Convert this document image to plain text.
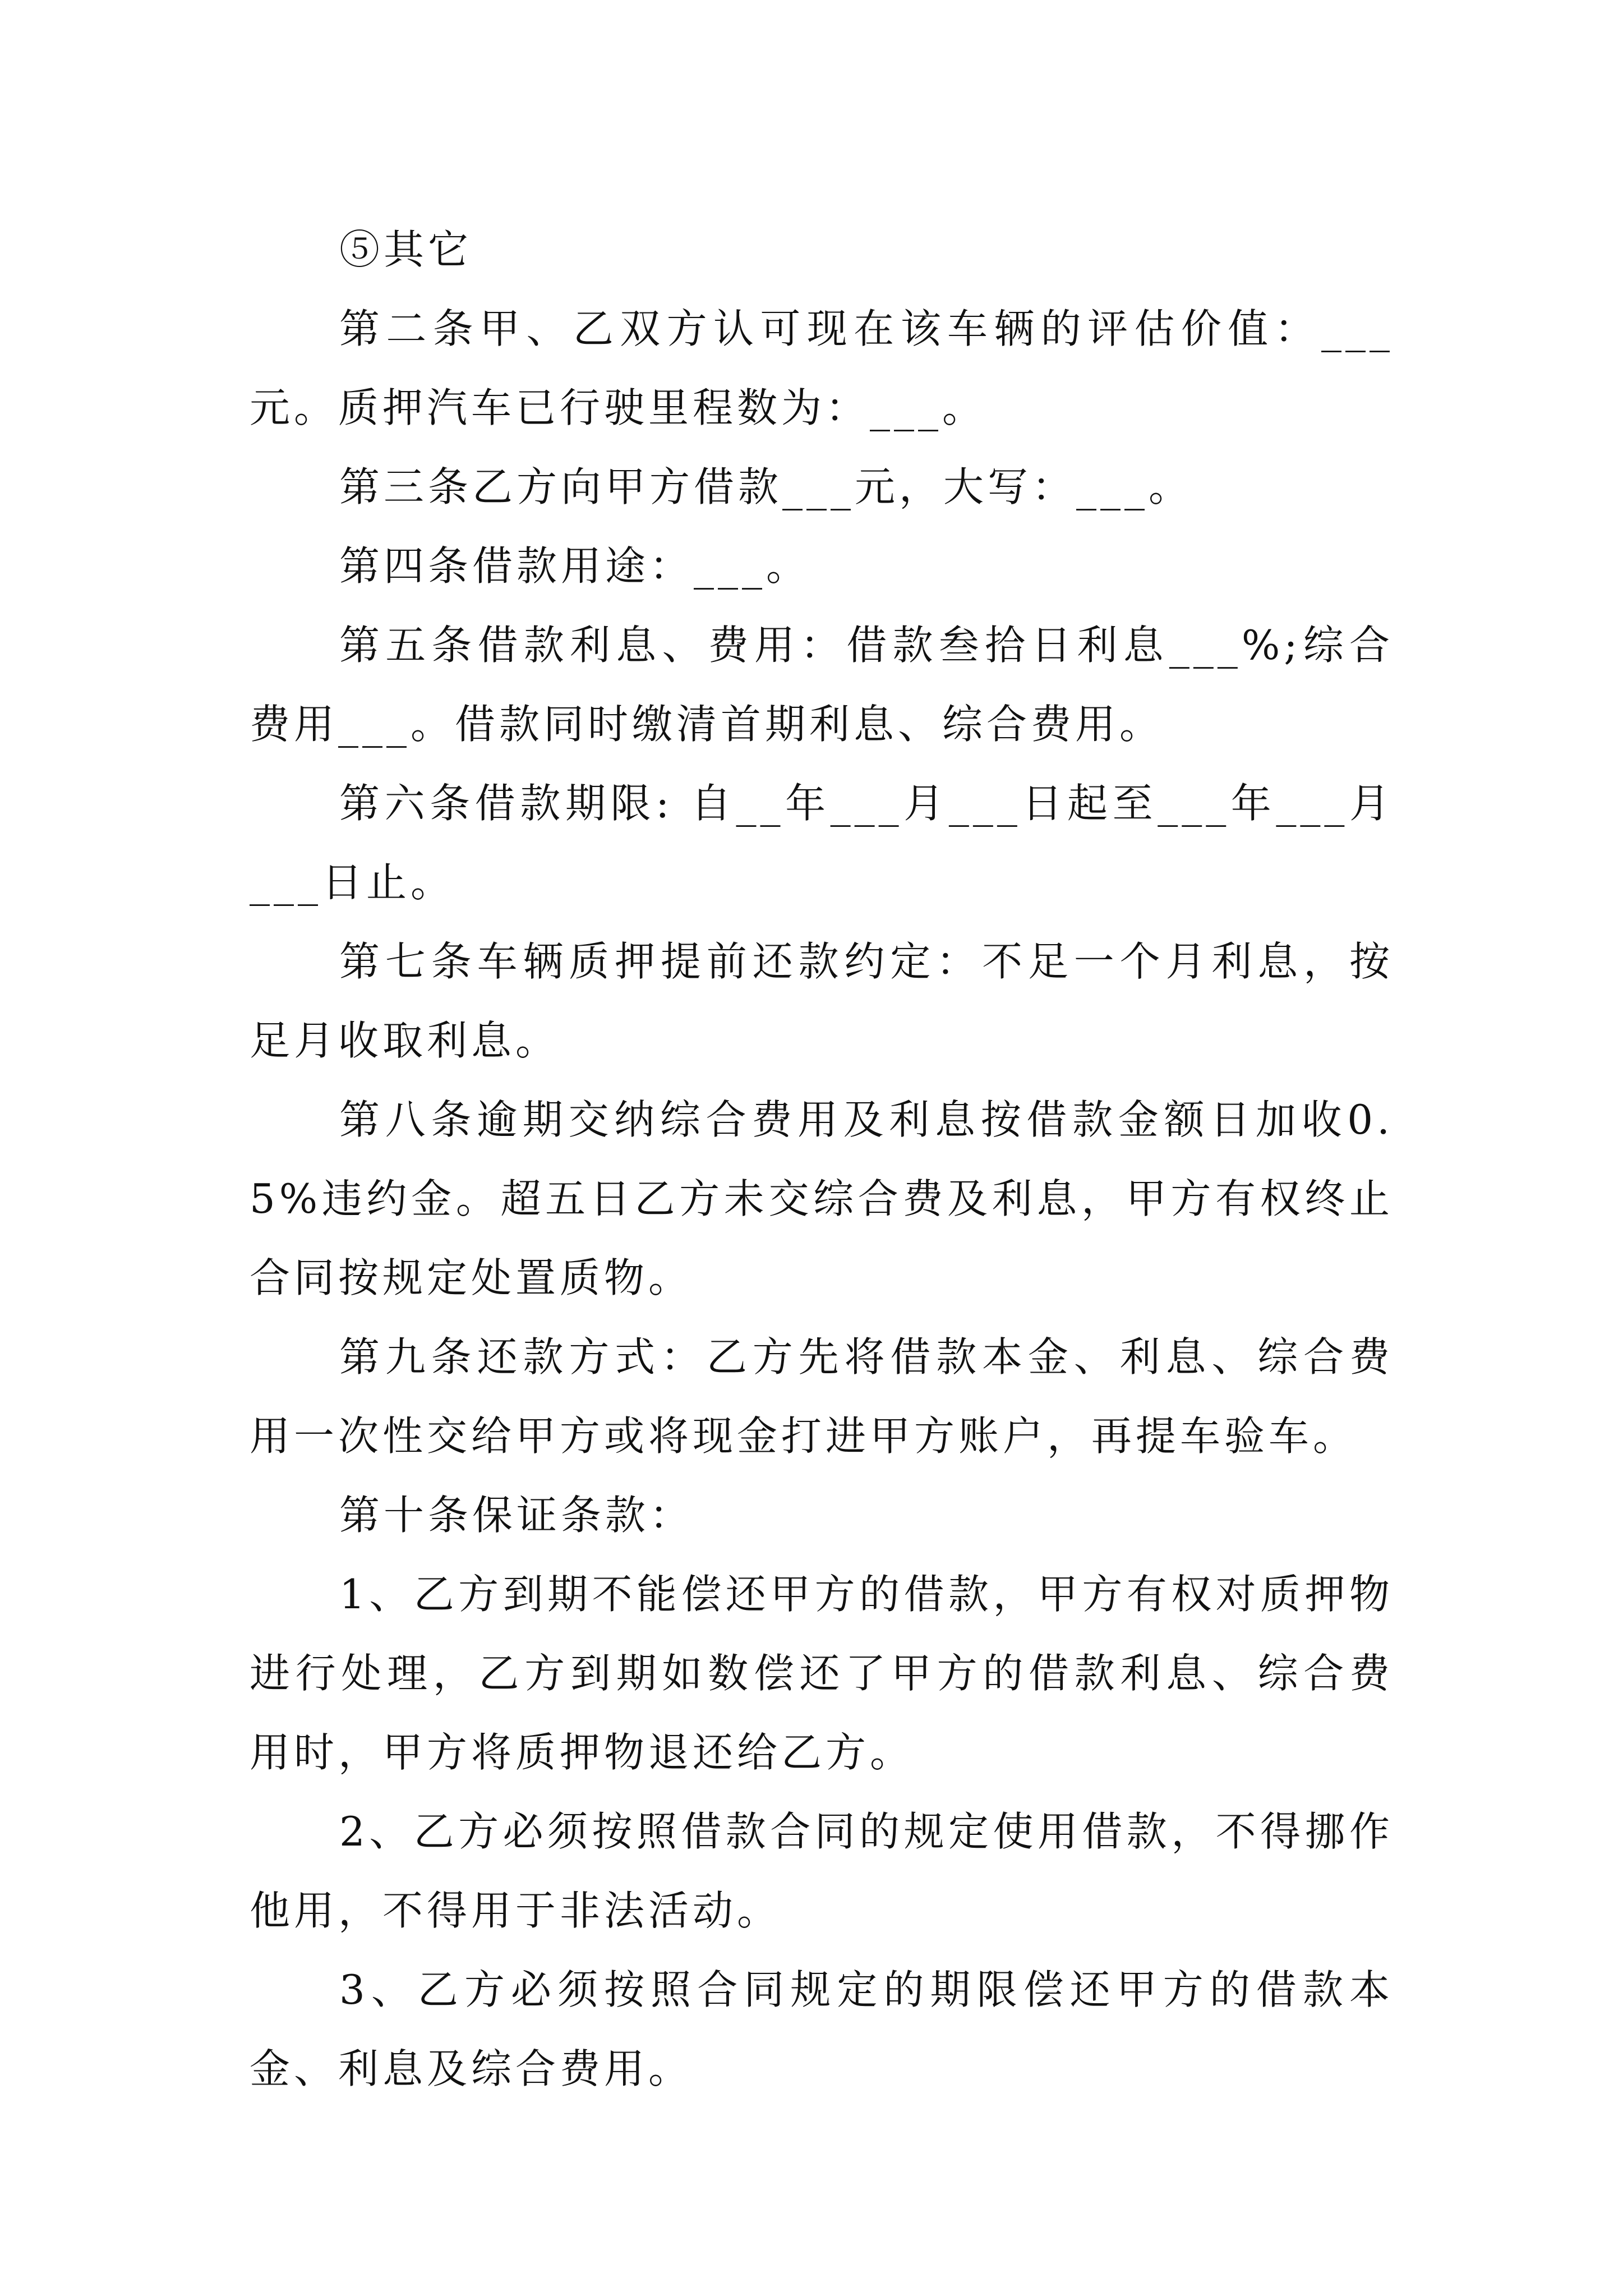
⑤其它

第二条甲、乙双方认可现在该车辆的评估价值：___元。质押汽车已行驶里程数为：___。

第三条乙方向甲方借款___元，大写：___。

第四条借款用途：___。

第五条借款利息、费用：借款叁拾日利息___%;综合费用___。借款同时缴清首期利息、综合费用。

第六条借款期限: 自__年___月___日起至___年___月___日止。

第七条车辆质押提前还款约定：不足一个月利息，按足月收取利息。

第八条逾期交纳综合费用及利息按借款金额日加收0.5%违约金。超五日乙方未交综合费及利息，甲方有权终止合同按规定处置质物。

第九条还款方式：乙方先将借款本金、利息、综合费用一次性交给甲方或将现金打进甲方账户，再提车验车。

第十条保证条款：

1、乙方到期不能偿还甲方的借款，甲方有权对质押物进行处理，乙方到期如数偿还了甲方的借款利息、综合费用时，甲方将质押物退还给乙方。

2、乙方必须按照借款合同的规定使用借款，不得挪作他用，不得用于非法活动。

3、乙方必须按照合同规定的期限偿还甲方的借款本金、利息及综合费用。
